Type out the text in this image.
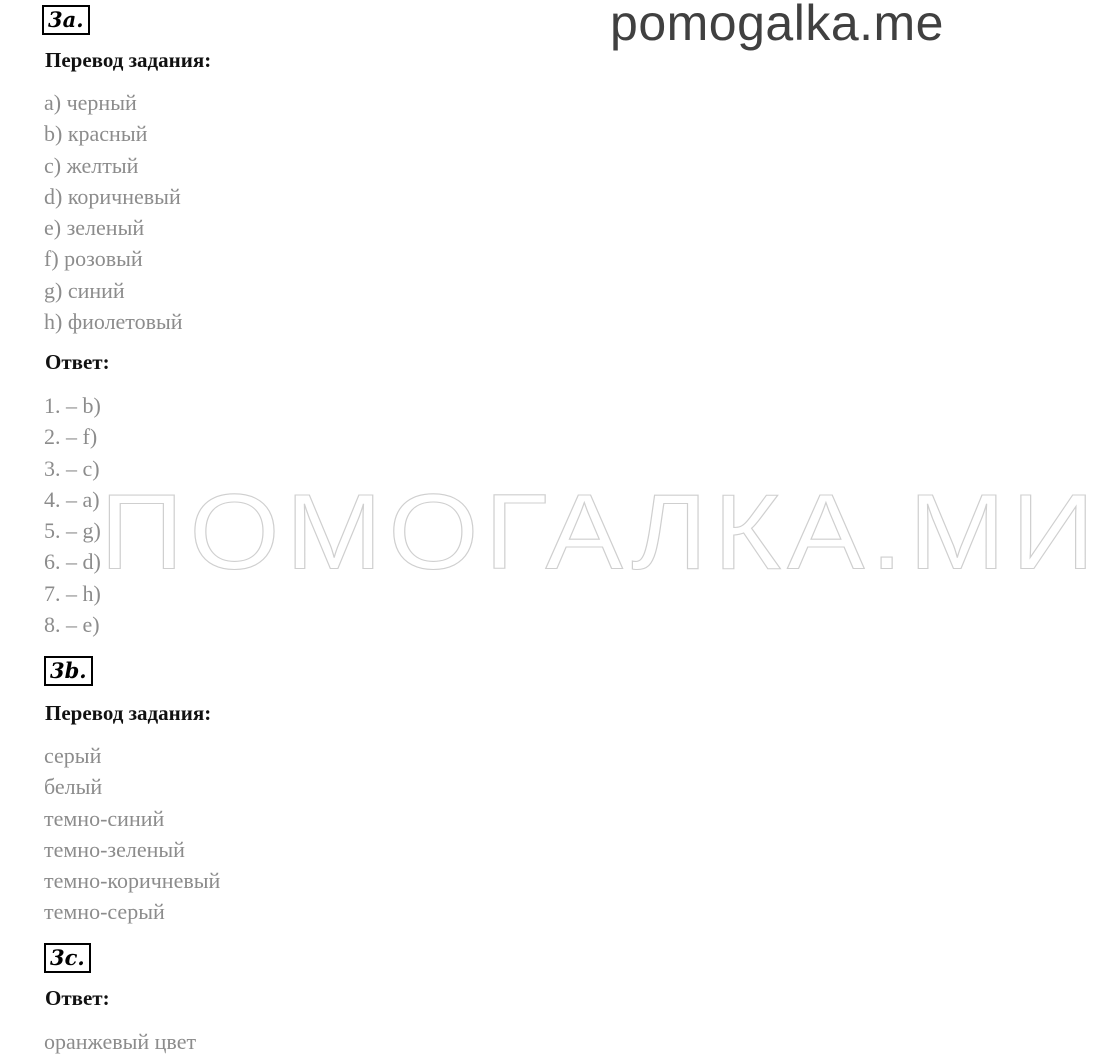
pomogalka.me
ПОМОГАЛКА.МИ
3a.
Перевод задания:
a) черный
b) красный
c) желтый
d) коричневый
e) зеленый
f) розовый
g) синий
h) фиолетовый
Ответ:
1. – b)
2. – f)
3. – c)
4. – a)
5. – g)
6. – d)
7. – h)
8. – e)
3b.
Перевод задания:
серый
белый
темно-синий
темно-зеленый
темно-коричневый
темно-серый
3c.
Ответ:
оранжевый цвет
